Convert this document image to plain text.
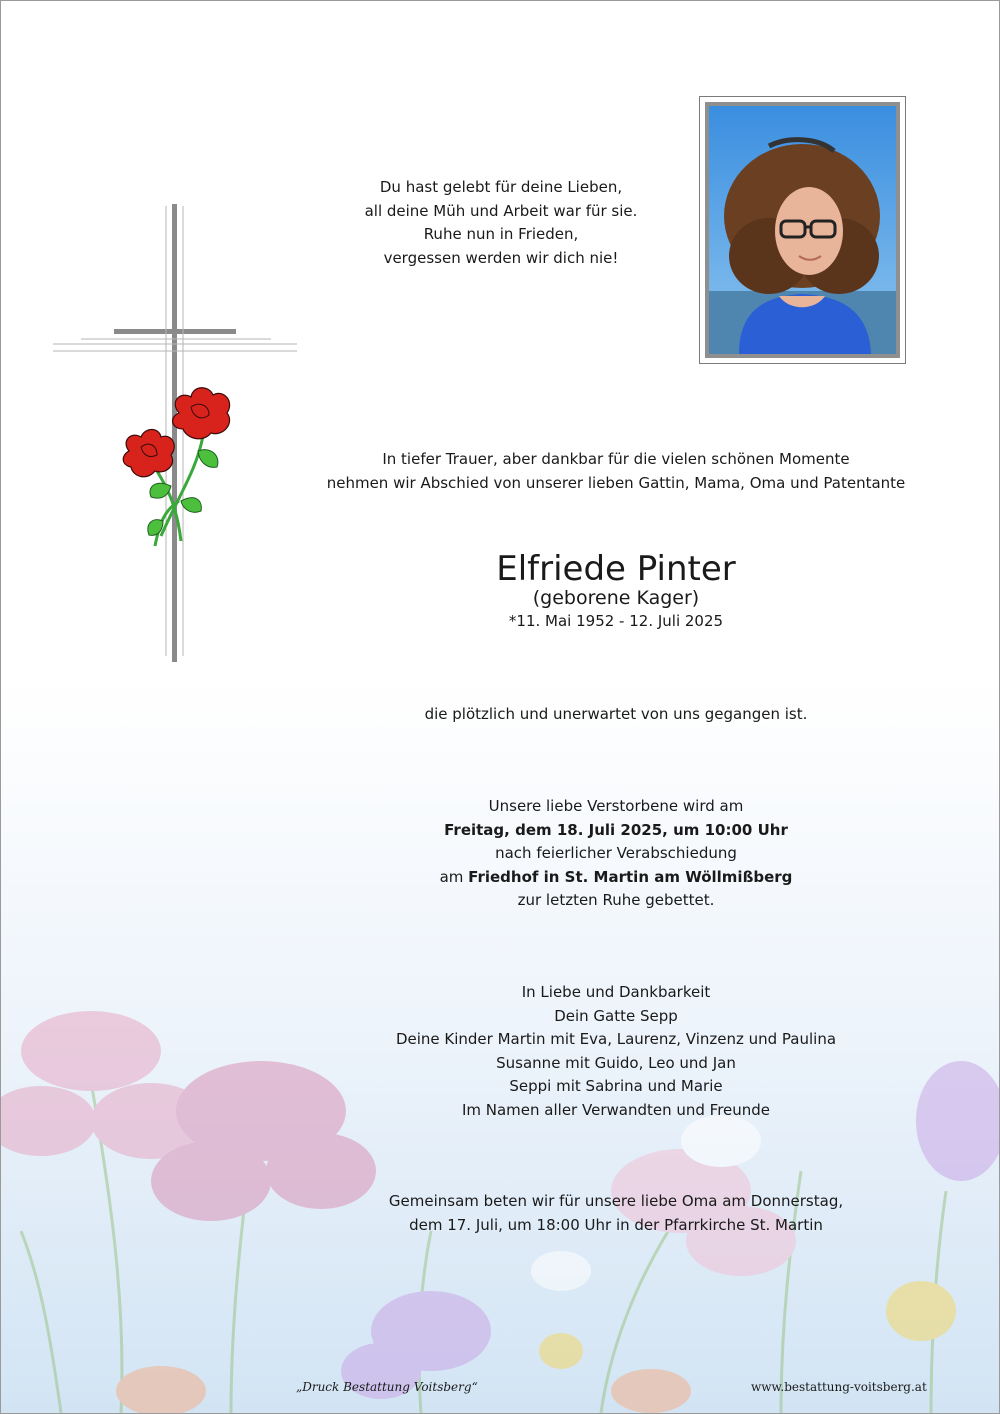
Du hast gelebt für deine Lieben,
all deine Müh und Arbeit war für sie.
Ruhe nun in Frieden,
vergessen werden wir dich nie!
In tiefer Trauer, aber dankbar für die vielen schönen Momente
nehmen wir Abschied von unserer lieben Gattin, Mama, Oma und Patentante
Elfriede Pinter
(geborene Kager)
*11. Mai 1952 - 12. Juli 2025
die plötzlich und unerwartet von uns gegangen ist.
Unsere liebe Verstorbene wird am
Freitag, dem 18. Juli 2025, um 10:00 Uhr
nach feierlicher Verabschiedung
am Friedhof in St. Martin am Wöllmißberg
zur letzten Ruhe gebettet.
In Liebe und Dankbarkeit
Dein Gatte Sepp
Deine Kinder Martin mit Eva, Laurenz, Vinzenz und Paulina
Susanne mit Guido, Leo und Jan
Seppi mit Sabrina und Marie
Im Namen aller Verwandten und Freunde
Gemeinsam beten wir für unsere liebe Oma am Donnerstag,
dem 17. Juli, um 18:00 Uhr in der Pfarrkirche St. Martin
„Druck Bestattung Voitsberg“	www.bestattung-voitsberg.at
